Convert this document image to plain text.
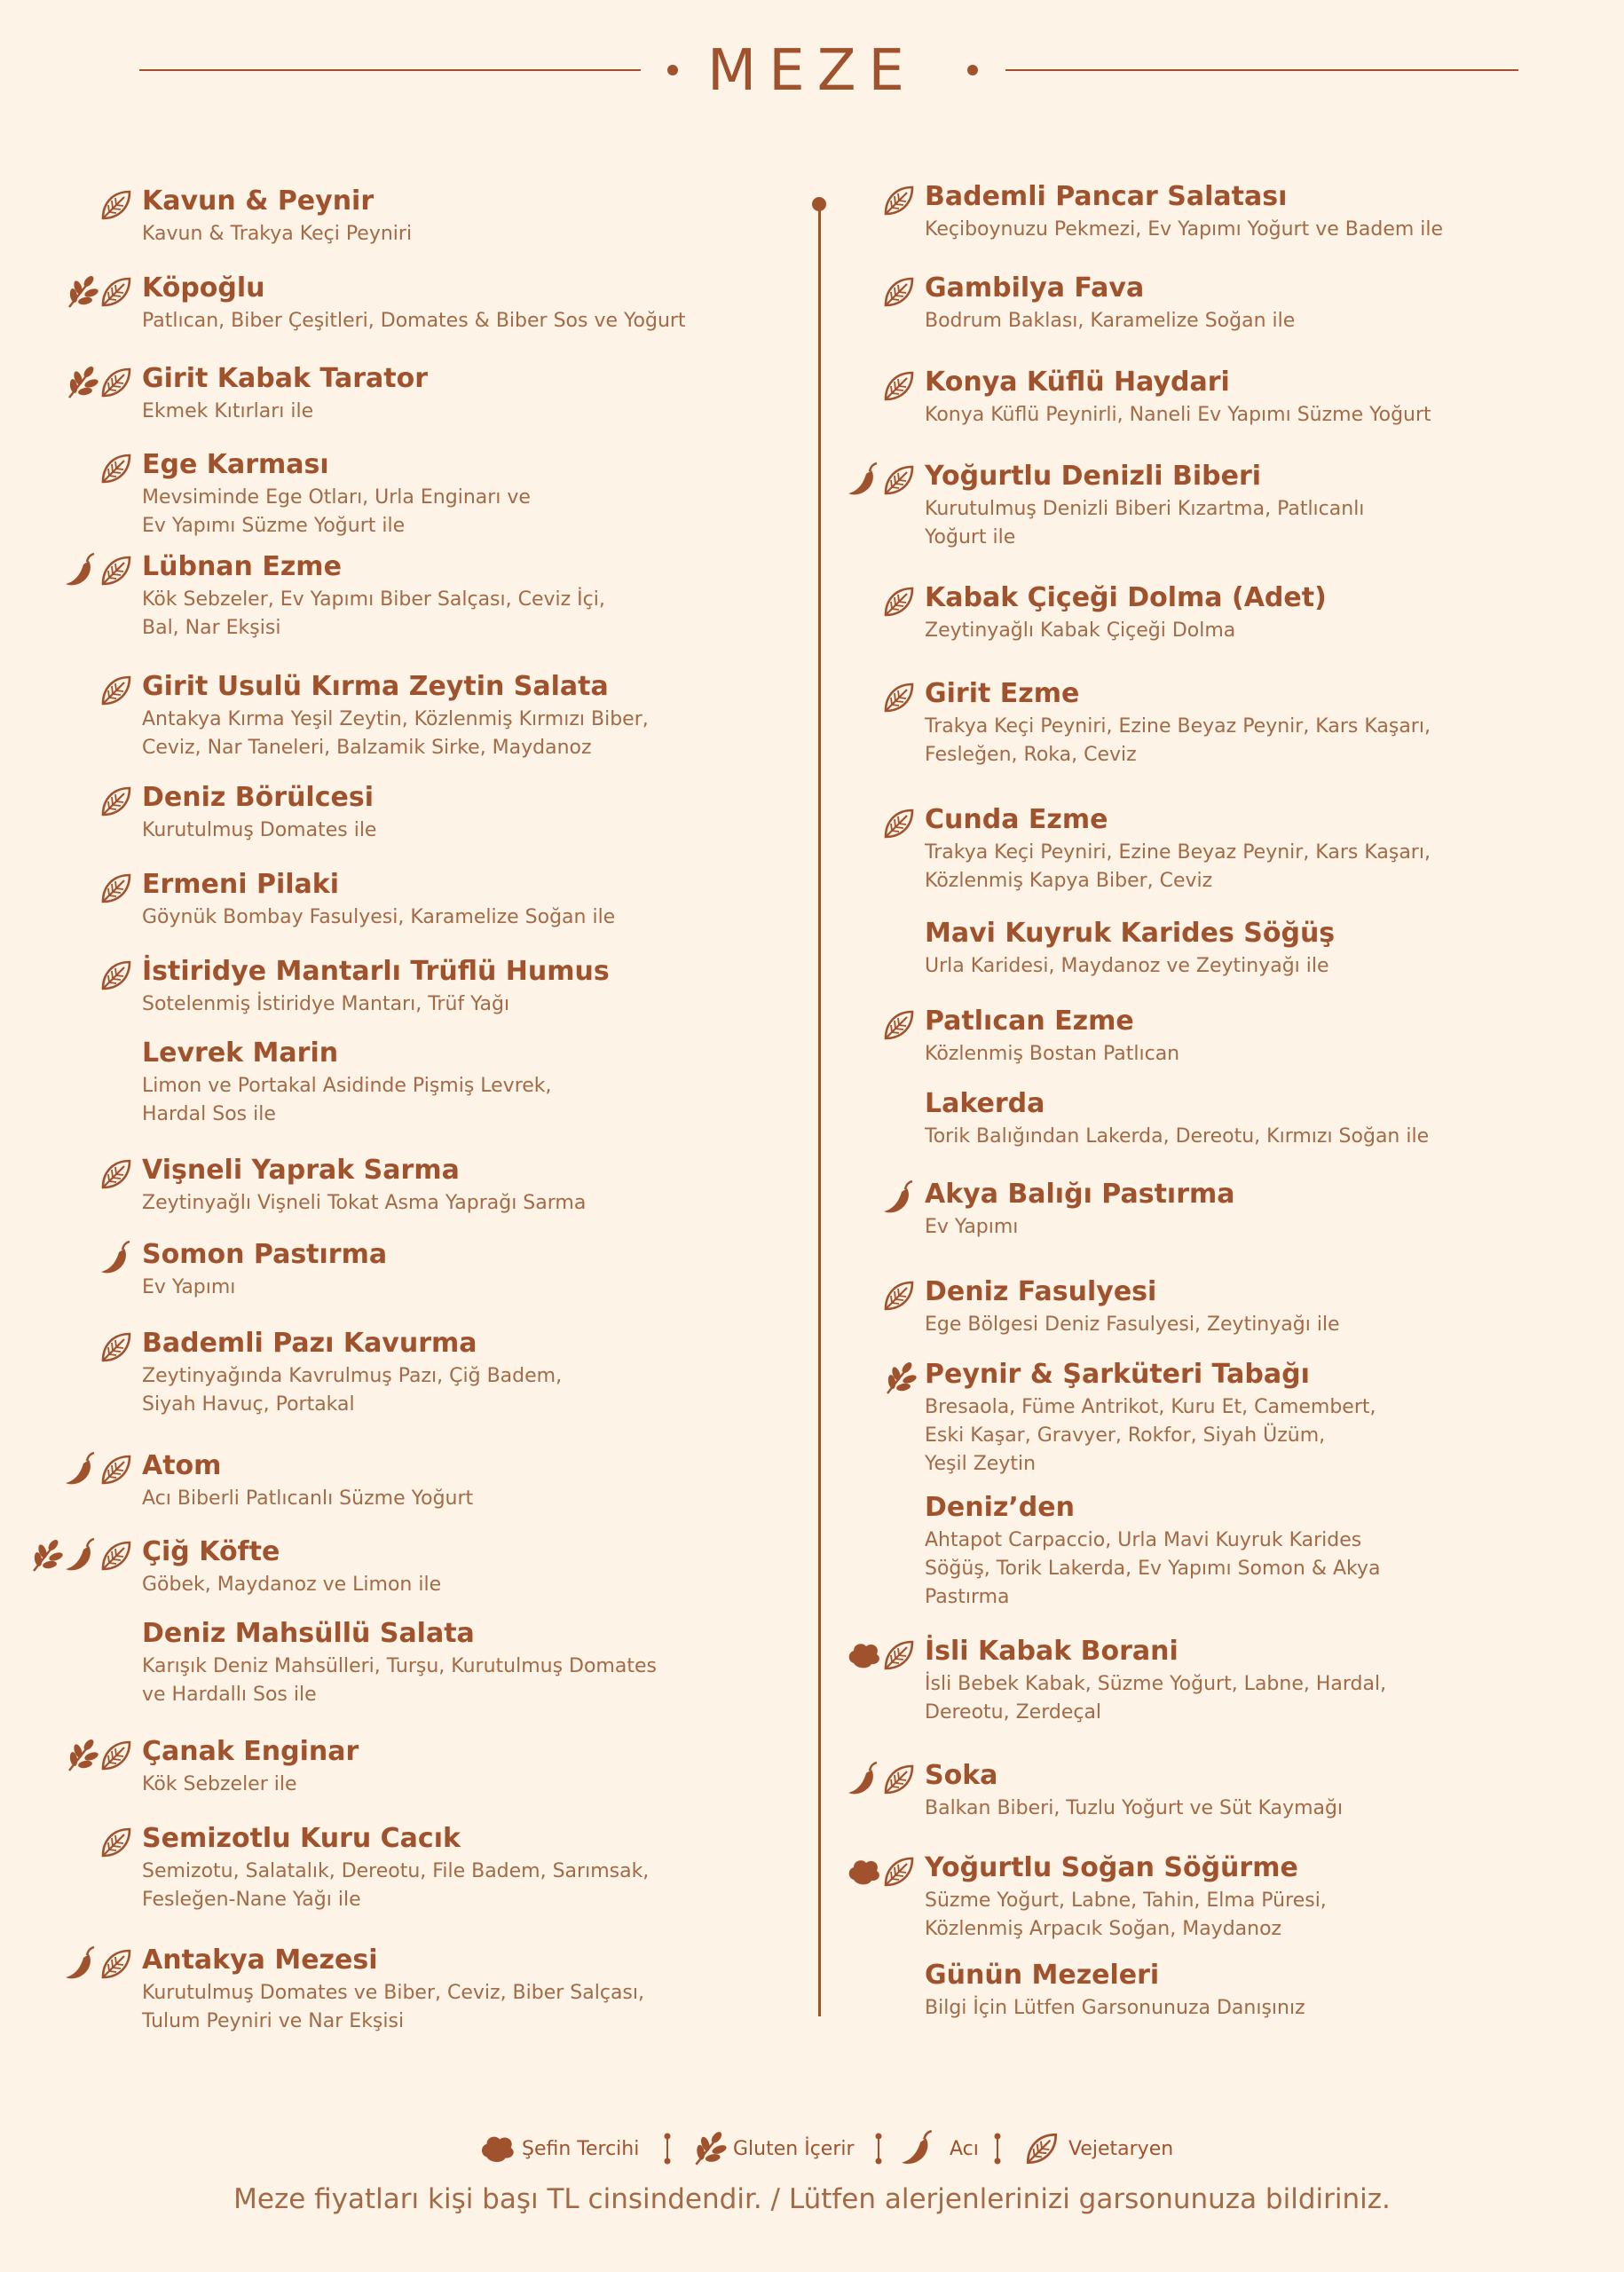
MEZE
Kavun & Peynir
Kavun & Trakya Keçi Peyniri
Köpoğlu
Patlıcan, Biber Çeşitleri, Domates & Biber Sos ve Yoğurt
Girit Kabak Tarator
Ekmek Kıtırları ile
Ege Karması
Mevsiminde Ege Otları, Urla Enginarı ve
Ev Yapımı Süzme Yoğurt ile
Lübnan Ezme
Kök Sebzeler, Ev Yapımı Biber Salçası, Ceviz İçi,
Bal, Nar Ekşisi
Girit Usulü Kırma Zeytin Salata
Antakya Kırma Yeşil Zeytin, Közlenmiş Kırmızı Biber,
Ceviz, Nar Taneleri, Balzamik Sirke, Maydanoz
Deniz Börülcesi
Kurutulmuş Domates ile
Ermeni Pilaki
Göynük Bombay Fasulyesi, Karamelize Soğan ile
İstiridye Mantarlı Trüflü Humus
Sotelenmiş İstiridye Mantarı, Trüf Yağı
Levrek Marin
Limon ve Portakal Asidinde Pişmiş Levrek,
Hardal Sos ile
Vişneli Yaprak Sarma
Zeytinyağlı Vişneli Tokat Asma Yaprağı Sarma
Somon Pastırma
Ev Yapımı
Bademli Pazı Kavurma
Zeytinyağında Kavrulmuş Pazı, Çiğ Badem,
Siyah Havuç, Portakal
Atom
Acı Biberli Patlıcanlı Süzme Yoğurt
Çiğ Köfte
Göbek, Maydanoz ve Limon ile
Deniz Mahsüllü Salata
Karışık Deniz Mahsülleri, Turşu, Kurutulmuş Domates
ve Hardallı Sos ile
Çanak Enginar
Kök Sebzeler ile
Semizotlu Kuru Cacık
Semizotu, Salatalık, Dereotu, File Badem, Sarımsak,
Fesleğen-Nane Yağı ile
Antakya Mezesi
Kurutulmuş Domates ve Biber, Ceviz, Biber Salçası,
Tulum Peyniri ve Nar Ekşisi
Bademli Pancar Salatası
Keçiboynuzu Pekmezi, Ev Yapımı Yoğurt ve Badem ile
Gambilya Fava
Bodrum Baklası, Karamelize Soğan ile
Konya Küflü Haydari
Konya Küflü Peynirli, Naneli Ev Yapımı Süzme Yoğurt
Yoğurtlu Denizli Biberi
Kurutulmuş Denizli Biberi Kızartma, Patlıcanlı
Yoğurt ile
Kabak Çiçeği Dolma (Adet)
Zeytinyağlı Kabak Çiçeği Dolma
Girit Ezme
Trakya Keçi Peyniri, Ezine Beyaz Peynir, Kars Kaşarı,
Fesleğen, Roka, Ceviz
Cunda Ezme
Trakya Keçi Peyniri, Ezine Beyaz Peynir, Kars Kaşarı,
Közlenmiş Kapya Biber, Ceviz
Mavi Kuyruk Karides Söğüş
Urla Karidesi, Maydanoz ve Zeytinyağı ile
Patlıcan Ezme
Közlenmiş Bostan Patlıcan
Lakerda
Torik Balığından Lakerda, Dereotu, Kırmızı Soğan ile
Akya Balığı Pastırma
Ev Yapımı
Deniz Fasulyesi
Ege Bölgesi Deniz Fasulyesi, Zeytinyağı ile
Peynir & Şarküteri Tabağı
Bresaola, Füme Antrikot, Kuru Et, Camembert,
Eski Kaşar, Gravyer, Rokfor, Siyah Üzüm,
Yeşil Zeytin
Deniz’den
Ahtapot Carpaccio, Urla Mavi Kuyruk Karides
Söğüş, Torik Lakerda, Ev Yapımı Somon & Akya
Pastırma
İsli Kabak Borani
İsli Bebek Kabak, Süzme Yoğurt, Labne, Hardal,
Dereotu, Zerdeçal
Soka
Balkan Biberi, Tuzlu Yoğurt ve Süt Kaymağı
Yoğurtlu Soğan Söğürme
Süzme Yoğurt, Labne, Tahin, Elma Püresi,
Közlenmiş Arpacık Soğan, Maydanoz
Günün Mezeleri
Bilgi İçin Lütfen Garsonunuza Danışınız
Şefin Tercihi	Gluten İçerir	Acı	Vejetaryen
Meze fiyatları kişi başı TL cinsindendir. / Lütfen alerjenlerinizi garsonunuza bildiriniz.
